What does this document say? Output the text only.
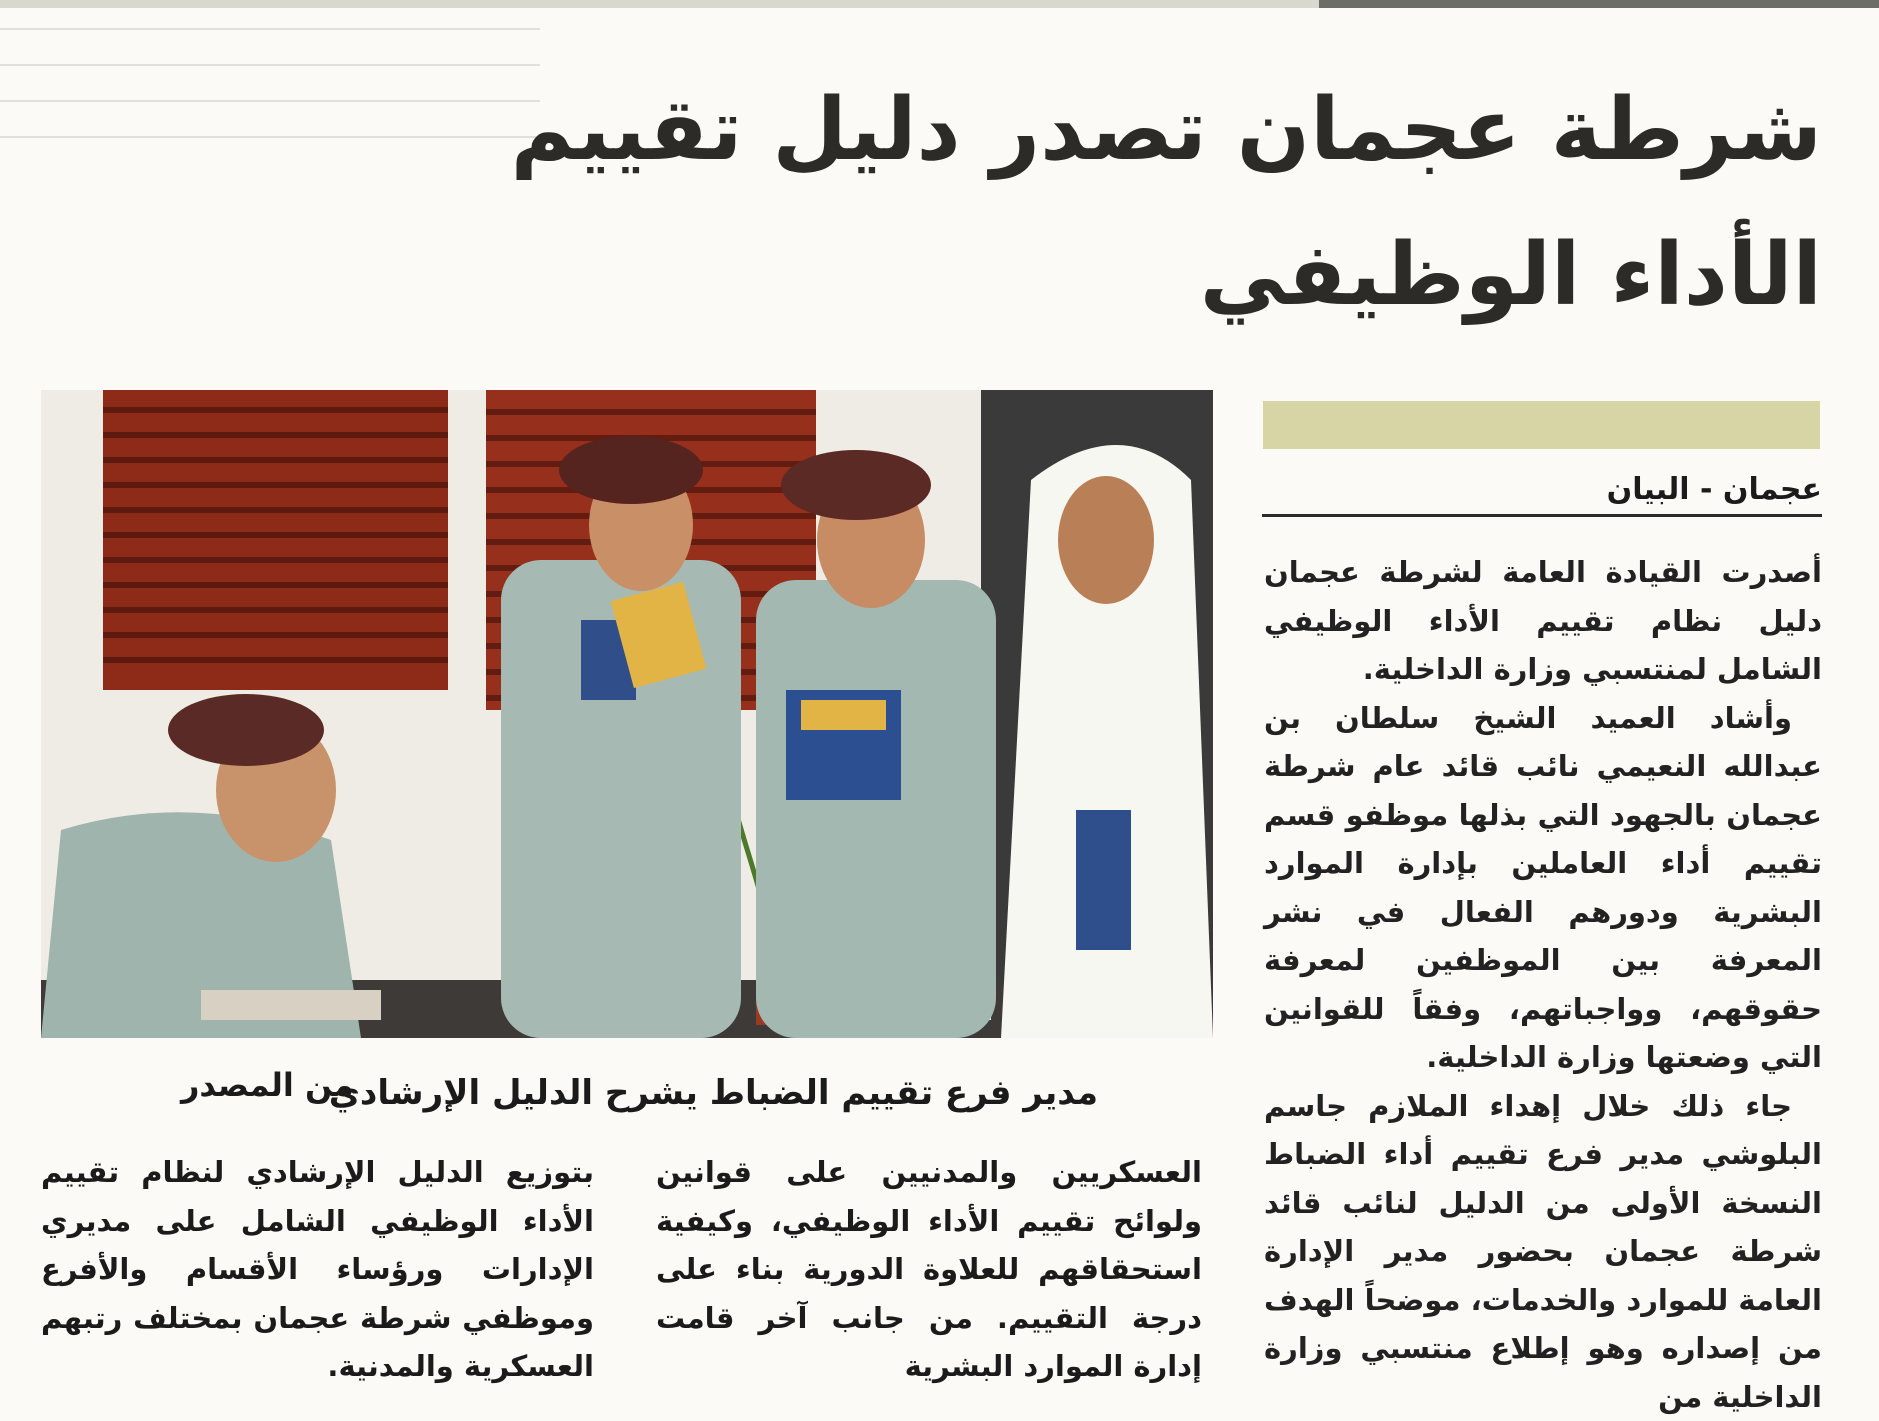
شرطة عجمان تصدر دليل تقييم
الأداء الوظيفي
عجمان - البيان

أصدرت القيادة العامة لشرطة عجمان دليل نظام تقييم الأداء الوظيفي الشامل لمنتسبي وزارة الداخلية.

وأشاد العميد الشيخ سلطان بن عبدالله النعيمي نائب قائد عام شرطة عجمان بالجهود التي بذلها موظفو قسم تقييم أداء العاملين بإدارة الموارد البشرية ودورهم الفعال في نشر المعرفة بين الموظفين لمعرفة حقوقهم، وواجباتهم، وفقاً للقوانين التي وضعتها وزارة الداخلية.

جاء ذلك خلال إهداء الملازم جاسم البلوشي مدير فرع تقييم أداء الضباط النسخة الأولى من الدليل لنائب قائد شرطة عجمان بحضور مدير الإدارة العامة للموارد والخدمات، موضحاً الهدف من إصداره وهو إطلاع منتسبي وزارة الداخلية من

مدير فرع تقييم الضباط يشرح الدليل الإرشادي
من المصدر

العسكريين والمدنيين على قوانين ولوائح تقييم الأداء الوظيفي، وكيفية استحقاقهم للعلاوة الدورية بناء على درجة التقييم. من جانب آخر قامت إدارة الموارد البشرية

بتوزيع الدليل الإرشادي لنظام تقييم الأداء الوظيفي الشامل على مديري الإدارات ورؤساء الأقسام والأفرع وموظفي شرطة عجمان بمختلف رتبهم العسكرية والمدنية.
